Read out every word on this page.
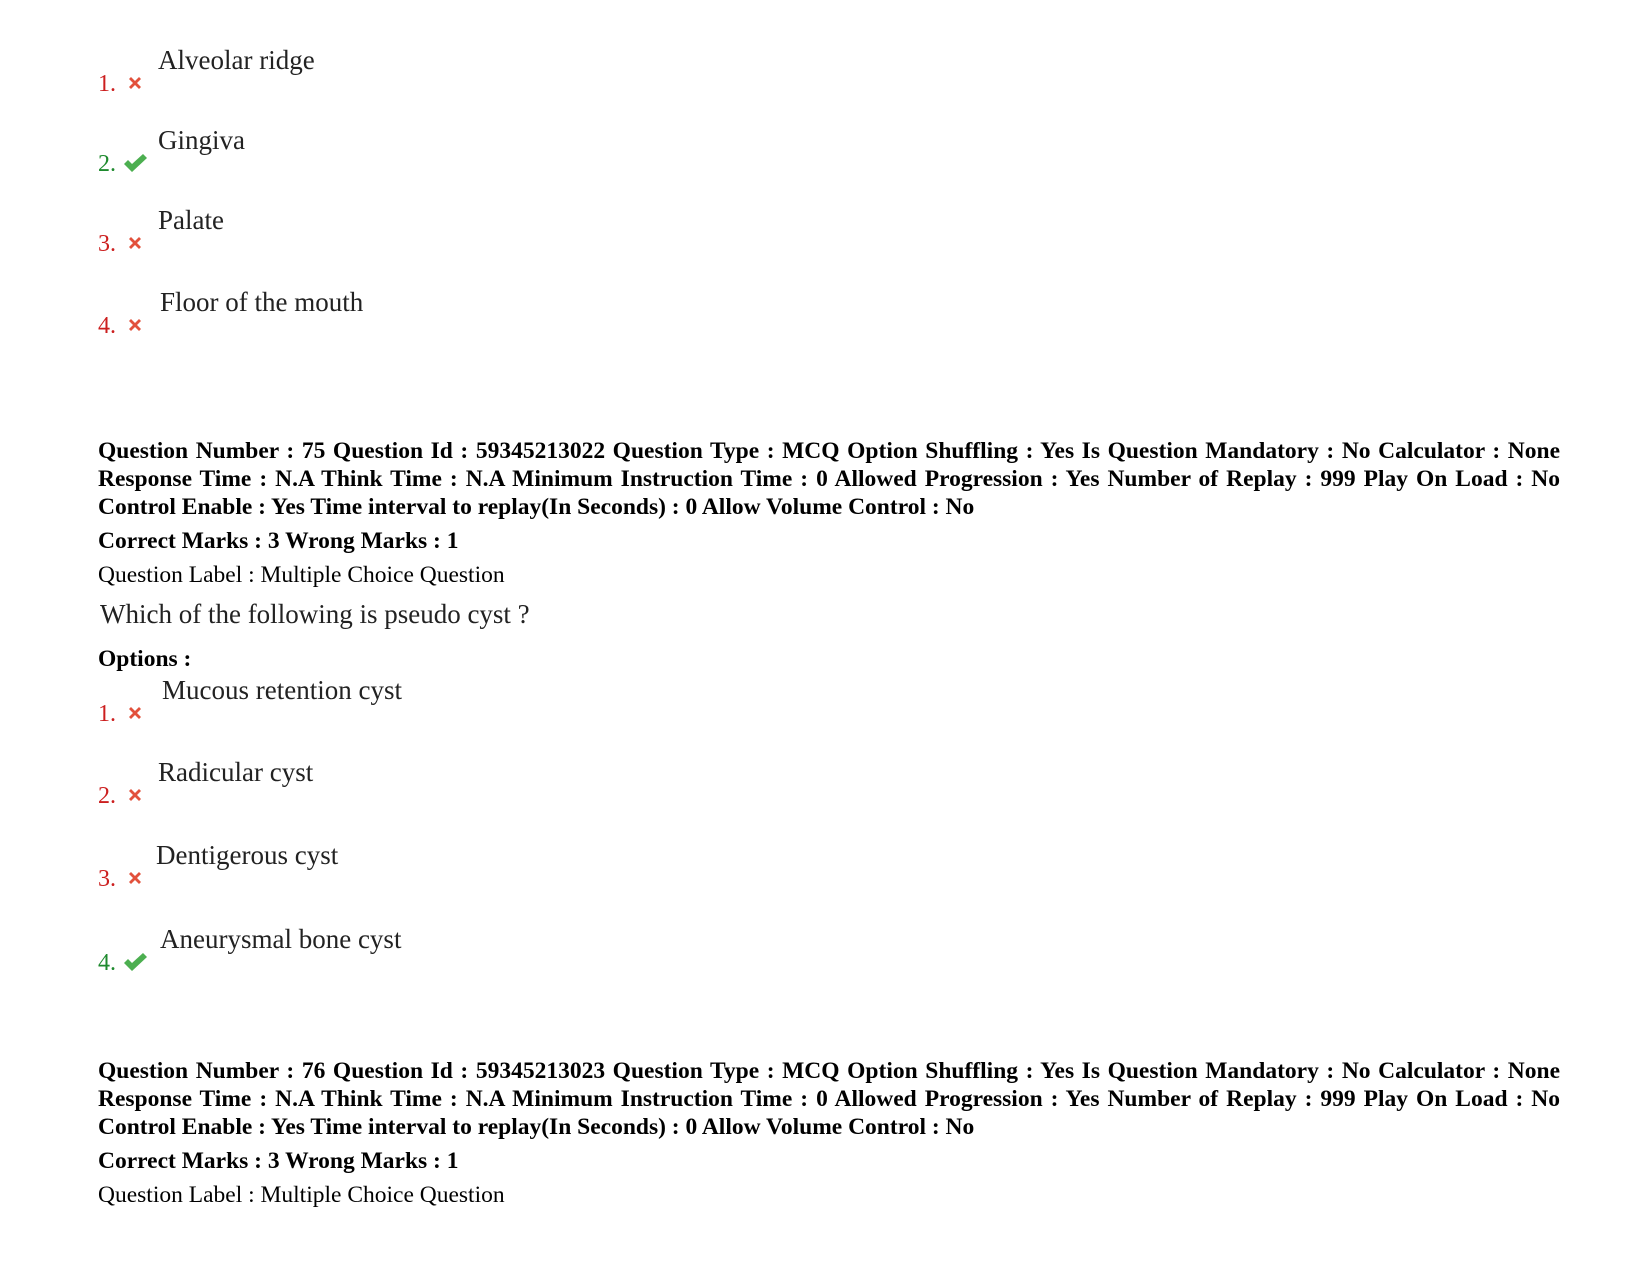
1.
Alveolar ridge
2.
Gingiva
3.
Palate
4.
Floor of the mouth
Question Number : 75 Question Id : 59345213022 Question Type : MCQ Option Shuffling : Yes Is Question Mandatory : No Calculator : None Response Time : N.A Think Time : N.A Minimum Instruction Time : 0 Allowed Progression : Yes Number of Replay : 999 Play On Load : No Control Enable : Yes Time interval to replay(In Seconds) : 0 Allow Volume Control : No
Correct Marks : 3 Wrong Marks : 1
Question Label : Multiple Choice Question
Which of the following is pseudo cyst ?
Options :
1.
Mucous retention cyst
2.
Radicular cyst
3.
Dentigerous cyst
4.
Aneurysmal bone cyst
Question Number : 76 Question Id : 59345213023 Question Type : MCQ Option Shuffling : Yes Is Question Mandatory : No Calculator : None Response Time : N.A Think Time : N.A Minimum Instruction Time : 0 Allowed Progression : Yes Number of Replay : 999 Play On Load : No Control Enable : Yes Time interval to replay(In Seconds) : 0 Allow Volume Control : No
Correct Marks : 3 Wrong Marks : 1
Question Label : Multiple Choice Question
